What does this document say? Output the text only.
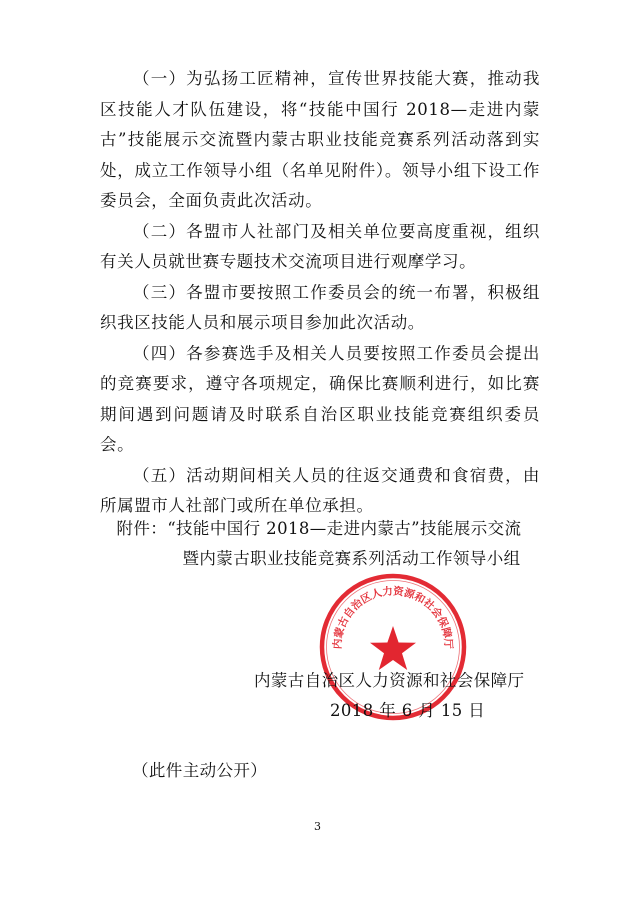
（一）为弘扬工匠精神，宣传世界技能大赛，推动我区技能人才队伍建设，将“技能中国行 2018—走进内蒙古”技能展示交流暨内蒙古职业技能竞赛系列活动落到实处，成立工作领导小组（名单见附件）。领导小组下设工作委员会，全面负责此次活动。

（二）各盟市人社部门及相关单位要高度重视，组织有关人员就世赛专题技术交流项目进行观摩学习。

（三）各盟市要按照工作委员会的统一布署，积极组织我区技能人员和展示项目参加此次活动。

（四）各参赛选手及相关人员要按照工作委员会提出的竞赛要求，遵守各项规定，确保比赛顺利进行，如比赛期间遇到问题请及时联系自治区职业技能竞赛组织委员会。

（五）活动期间相关人员的往返交通费和食宿费，由所属盟市人社部门或所在单位承担。

附件：“技能中国行 2018—走进内蒙古”技能展示交流
暨内蒙古职业技能竞赛系列活动工作领导小组
内蒙古自治区人力资源和社会保障厅
内蒙古自治区人力资源和社会保障厅
2018 年 6 月 15 日
（此件主动公开）
3
